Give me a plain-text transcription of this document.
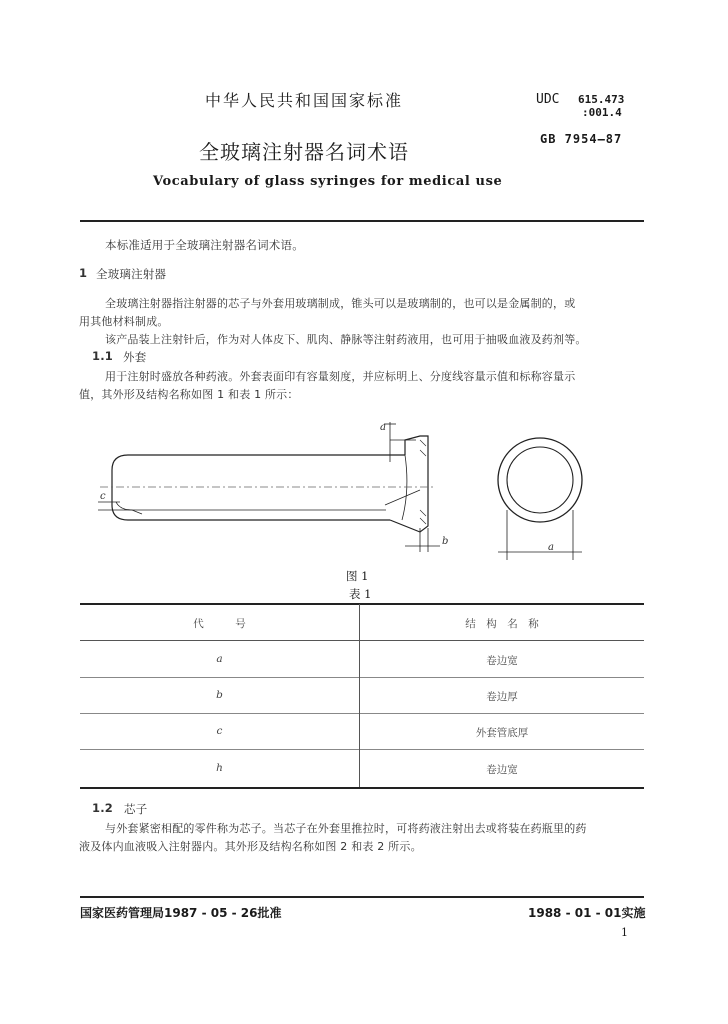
中华人民共和国国家标准	UDC 615.473
:001.4
GB 7954—87
全玻璃注射器名词术语
Vocabulary of glass syringes for medical use
本标准适用于全玻璃注射器名词术语。
1 全玻璃注射器
全玻璃注射器指注射器的芯子与外套用玻璃制成，锥头可以是玻璃制的，也可以是金属制的，或
用其他材料制成。
该产品装上注射针后，作为对人体皮下、肌肉、静脉等注射药液用，也可用于抽吸血液及药剂等。
1.1 外套
用于注射时盛放各种药液。外套表面印有容量刻度，并应标明上、分度线容量示值和标称容量示
值，其外形及结构名称如图 1 和表 1 所示：
a
b
c
a
图 1
表 1
代　　　号	结　构　名　称
a	卷边宽
b	卷边厚
c	外套管底厚
h	卷边宽
1.2 芯子
与外套紧密相配的零件称为芯子。当芯子在外套里推拉时，可将药液注射出去或将装在药瓶里的药
液及体内血液吸入注射器内。其外形及结构名称如图 2 和表 2 所示。
国家医药管理局1987 - 05 - 26批准	1988 - 01 - 01实施
1
